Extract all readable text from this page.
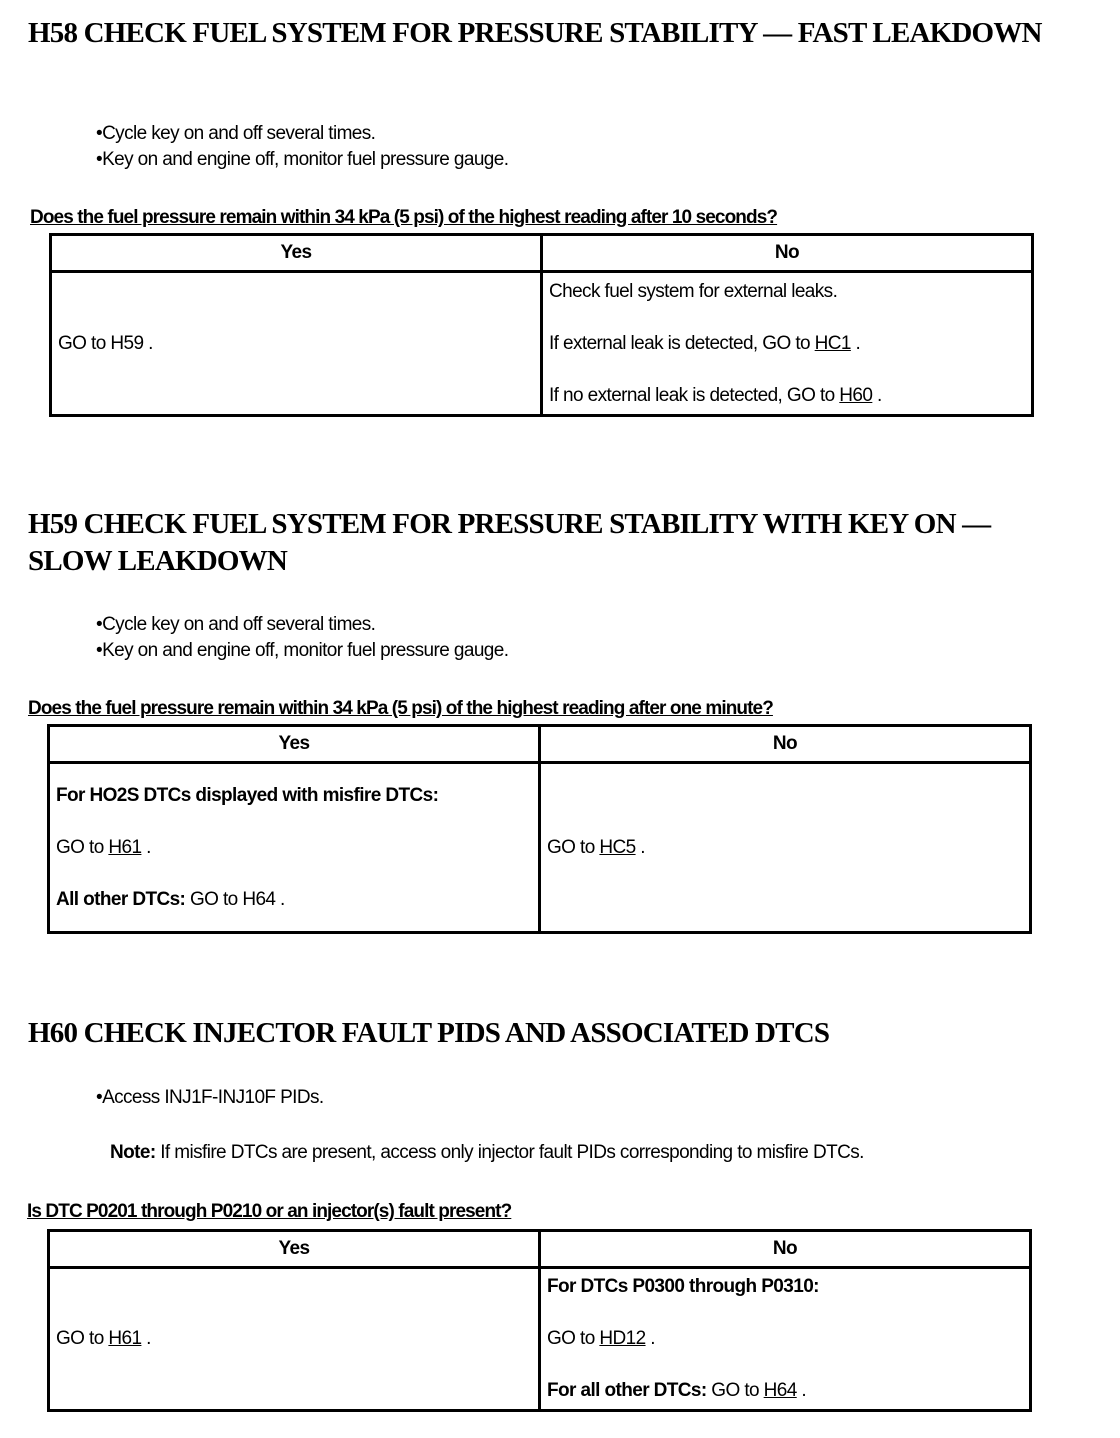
H58 CHECK FUEL SYSTEM FOR PRESSURE STABILITY — FAST LEAKDOWN
• Cycle key on and off several times.
• Key on and engine off, monitor fuel pressure gauge.
Does the fuel pressure remain within 34 kPa (5 psi) of the highest reading after 10 seconds?
Yes	No

GO to H59 .	Check fuel system for external leaks.

If external leak is detected, GO to HC1 .

If no external leak is detected, GO to H60 .

H59 CHECK FUEL SYSTEM FOR PRESSURE STABILITY WITH KEY ON — SLOW LEAKDOWN
• Cycle key on and off several times.
• Key on and engine off, monitor fuel pressure gauge.
Does the fuel pressure remain within 34 kPa (5 psi) of the highest reading after one minute?
Yes	No

For HO2S DTCs displayed with misfire DTCs:

GO to H61 .

All other DTCs: GO to H64 .	GO to HC5 .

H60 CHECK INJECTOR FAULT PIDS AND ASSOCIATED DTCS
• Access INJ1F-INJ10F PIDs.
Note: If misfire DTCs are present, access only injector fault PIDs corresponding to misfire DTCs.
Is DTC P0201 through P0210 or an injector(s) fault present?
Yes	No

GO to H61 .	For DTCs P0300 through P0310:

GO to HD12 .

For all other DTCs: GO to H64 .
